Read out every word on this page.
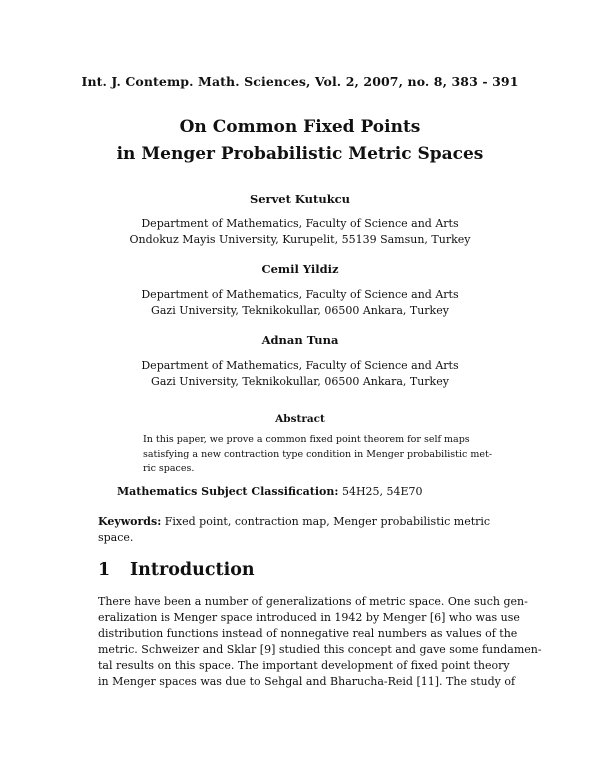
Int. J. Contemp. Math. Sciences, Vol. 2, 2007, no. 8, 383 - 391
On Common Fixed Points
in Menger Probabilistic Metric Spaces
Servet Kutukcu
Department of Mathematics, Faculty of Science and Arts
Ondokuz Mayis University, Kurupelit, 55139 Samsun, Turkey
Cemil Yildiz
Department of Mathematics, Faculty of Science and Arts
Gazi University, Teknikokullar, 06500 Ankara, Turkey
Adnan Tuna
Department of Mathematics, Faculty of Science and Arts
Gazi University, Teknikokullar, 06500 Ankara, Turkey
Abstract
In this paper, we prove a common fixed point theorem for self maps
satisfying a new contraction type condition in Menger probabilistic met-
ric spaces.
Mathematics Subject Classification: 54H25, 54E70
Keywords: Fixed point, contraction map, Menger probabilistic metric space.
1 Introduction
There have been a number of generalizations of metric space. One such gen-
eralization is Menger space introduced in 1942 by Menger [6] who was use
distribution functions instead of nonnegative real numbers as values of the
metric. Schweizer and Sklar [9] studied this concept and gave some fundamen-
tal results on this space. The important development of fixed point theory
in Menger spaces was due to Sehgal and Bharucha-Reid [11]. The study of
